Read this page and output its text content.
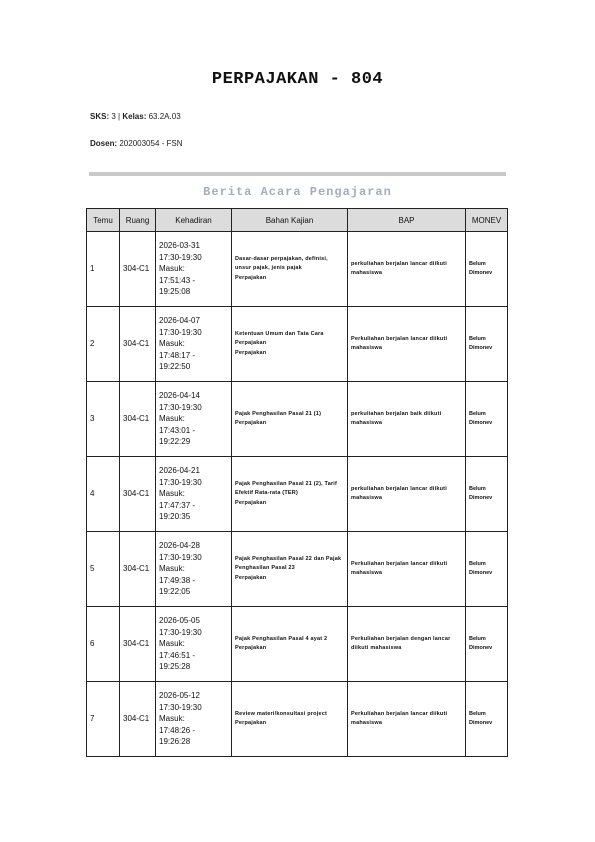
PERPAJAKAN - 804
SKS: 3 | Kelas: 63.2A.03
Dosen: 202003054 - FSN
Berita Acara Pengajaran
Temu	Ruang	Kehadiran	Bahan Kajian	BAP	MONEV
1	304-C1	2026-03-31
17:30-19:30
Masuk:
17:51:43 -
19:25:08	Dasar-dasar perpajakan, definisi, unsur pajak, jenis pajak
Perpajakan	perkuliahan berjalan lancar diikuti mahasiswa	Belum
Dimonev

2	304-C1	2026-04-07
17:30-19:30
Masuk:
17:48:17 -
19:22:50	Ketentuan Umum dan Tata Cara Perpajakan
Perpajakan	Perkuliahan berjalan lancar diikuti mahasiswa	Belum
Dimonev

3	304-C1	2026-04-14
17:30-19:30
Masuk:
17:43:01 -
19:22:29	Pajak Penghasilan Pasal 21 (1)
Perpajakan	perkuliahan berjalan baik diikuti mahasiswa	Belum
Dimonev

4	304-C1	2026-04-21
17:30-19:30
Masuk:
17:47:37 -
19:20:35	Pajak Penghasilan Pasal 21 (2), Tarif Efektif Rata-rata (TER)
Perpajakan	perkuliahan berjalan lancar diikuti mahasiswa	Belum
Dimonev

5	304-C1	2026-04-28
17:30-19:30
Masuk:
17:49:38 -
19:22:05	Pajak Penghasilan Pasal 22 dan Pajak Penghasilan Pasal 23
Perpajakan	Perkuliahan berjalan lancar diikuti mahasiswa	Belum
Dimonev

6	304-C1	2026-05-05
17:30-19:30
Masuk:
17:46:51 -
19:25:28	Pajak Penghasilan Pasal 4 ayat 2
Perpajakan	Perkuliahan berjalan dengan lancar diikuti mahasiswa	Belum
Dimonev

7	304-C1	2026-05-12
17:30-19:30
Masuk:
17:48:26 -
19:26:28	Review materi/konsultasi project
Perpajakan	Perkuliahan berjalan lancar diikuti mahasiswa	Belum
Dimonev
